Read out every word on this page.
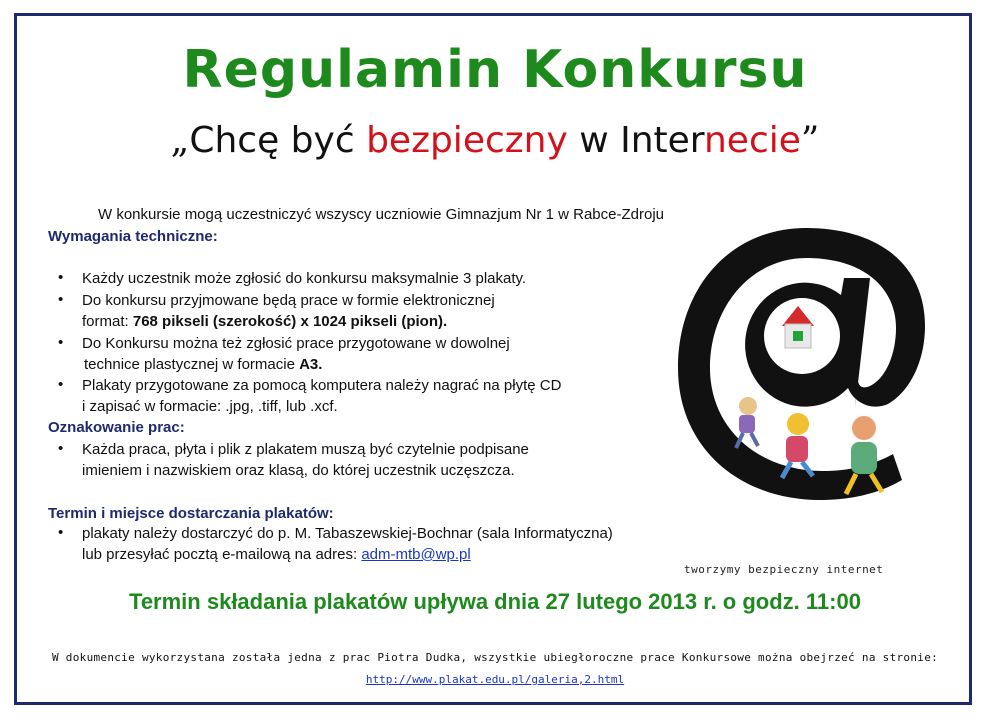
Regulamin Konkursu
„Chcę być bezpieczny w Internecie”
W konkursie mogą uczestniczyć wszyscy uczniowie Gimnazjum Nr 1 w Rabce-Zdroju
Wymagania techniczne:
• Każdy uczestnik może zgłosić do konkursu maksymalnie 3 plakaty.
• Do konkursu przyjmowane będą prace w formie elektronicznej
format: 768 pikseli (szerokość) x 1024 pikseli (pion).
• Do Konkursu można też zgłosić prace przygotowane w dowolnej
technice plastycznej w formacie A3.
• Plakaty przygotowane za pomocą komputera należy nagrać na płytę CD
i zapisać w formacie: .jpg, .tiff, lub .xcf.
Oznakowanie prac:
• Każda praca, płyta i plik z plakatem muszą być czytelnie podpisane
imieniem i nazwiskiem oraz klasą, do której uczestnik uczęszcza.
Termin i miejsce dostarczania plakatów:
• plakaty należy dostarczyć do p. M. Tabaszewskiej-Bochnar (sala Informatyczna)
lub przesyłać pocztą e-mailową na adres: adm-mtb@wp.pl
tworzymy bezpieczny internet
Termin składania plakatów upływa dnia 27 lutego 2013 r. o godz. 11:00
W dokumencie wykorzystana została jedna z prac Piotra Dudka, wszystkie ubiegłoroczne prace Konkursowe można obejrzeć na stronie:
http://www.plakat.edu.pl/galeria,2.html
